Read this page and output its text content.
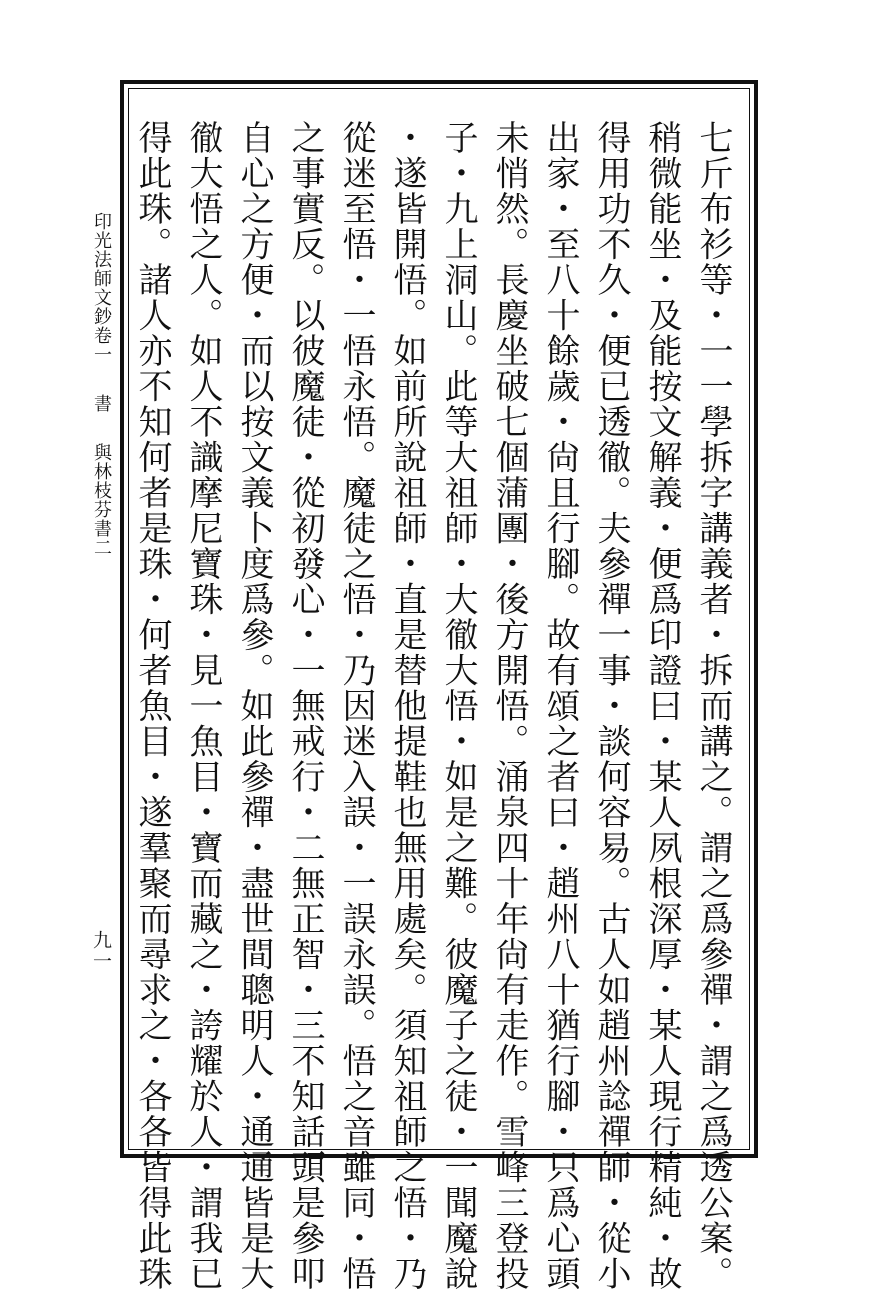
印光法師文鈔卷一書與林枝芬書二
九一	七斤布衫等・一一學拆字講義者・拆而講之。謂之爲參禪・謂之爲透公案。
稍微能坐・及能按文解義・便爲印證曰・某人夙根深厚・某人現行精純・故
得用功不久・便已透徹。夫參禪一事・談何容易。古人如趙州諗禪師・從小
出家・至八十餘歲・尙且行腳。故有頌之者曰・趙州八十猶行腳・只爲心頭
未悄然。長慶坐破七個蒲團・後方開悟。涌泉四十年尙有走作。雪峰三登投
子・九上洞山。此等大祖師・大徹大悟・如是之難。彼魔子之徒・一聞魔說
・遂皆開悟。如前所說祖師・直是替他提鞋也無用處矣。須知祖師之悟・乃
從迷至悟・一悟永悟。魔徒之悟・乃因迷入誤・一誤永誤。悟之音雖同・悟
之事實反。以彼魔徒・從初發心・一無戒行・二無正智・三不知話頭是參叩
自心之方便・而以按文義卜度爲參。如此參禪・盡世間聰明人・通通皆是大
徹大悟之人。如人不識摩尼寶珠・見一魚目・寶而藏之・誇耀於人・謂我已
得此珠。諸人亦不知何者是珠・何者魚目・遂羣聚而尋求之・各各皆得此珠
